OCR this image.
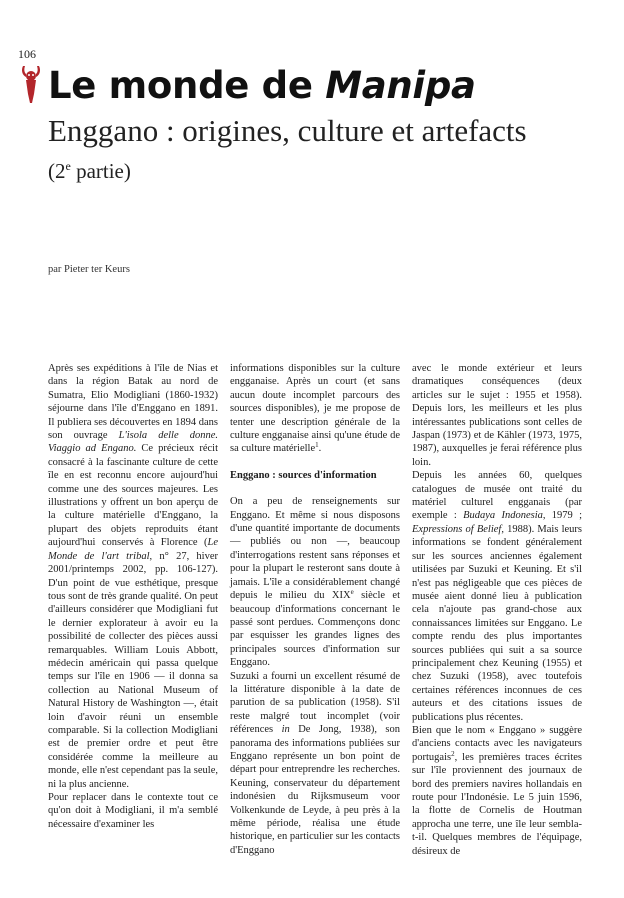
106
Le monde de Manipa
Enggano : origines, culture et artefacts
(2e partie)
par Pieter ter Keurs

Après ses expéditions à l'île de Nias et dans la région Batak au nord de Sumatra, Elio Modigliani (1860-1932) séjourne dans l'île d'Enggano en 1891. Il publiera ses découvertes en 1894 dans son ouvrage L'isola delle donne. Viaggio ad Engano. Ce précieux récit consacré à la fascinante culture de cette île en est reconnu encore aujourd'hui comme une des sources majeures. Les illustrations y offrent un bon aperçu de la culture matérielle d'Enggano, la plupart des objets reproduits étant aujourd'hui conservés à Florence (Le Monde de l'art tribal, n° 27, hiver 2001/printemps 2002, pp. 106-127). D'un point de vue esthétique, presque tous sont de très grande qualité. On peut d'ailleurs considérer que Modigliani fut le dernier explorateur à avoir eu la possibilité de collecter des pièces aussi remarquables. William Louis Abbott, médecin américain qui passa quelque temps sur l'île en 1906 — il donna sa collection au National Museum of Natural History de Washington —, était loin d'avoir réuni un ensemble comparable. Si la collection Modigliani est de premier ordre et peut être considérée comme la meilleure au monde, elle n'est cependant pas la seule, ni la plus ancienne.

Pour replacer dans le contexte tout ce qu'on doit à Modigliani, il m'a semblé nécessaire d'examiner les

informations disponibles sur la culture engganaise. Après un court (et sans aucun doute incomplet parcours des sources disponibles), je me propose de tenter une description générale de la culture engganaise ainsi qu'une étude de sa culture matérielle$^1$.

Enggano : sources d'information

On a peu de renseignements sur Enggano. Et même si nous disposons d'une quantité importante de documents — publiés ou non —, beaucoup d'interrogations restent sans réponses et pour la plupart le resteront sans doute à jamais. L'île a considérablement changé depuis le milieu du XIXe siècle et beaucoup d'informations concernant le passé sont perdues. Commençons donc par esquisser les grandes lignes des principales sources d'information sur Enggano.

Suzuki a fourni un excellent résumé de la littérature disponible à la date de parution de sa publication (1958). S'il reste malgré tout incomplet (voir références in De Jong, 1938), son panorama des informations publiées sur Enggano représente un bon point de départ pour entreprendre les recherches. Keuning, conservateur du département indonésien du Rijksmuseum voor Volkenkunde de Leyde, à peu près à la même période, réalisa une étude historique, en particulier sur les contacts d'Enggano

avec le monde extérieur et leurs dramatiques conséquences (deux articles sur le sujet : 1955 et 1958). Depuis lors, les meilleurs et les plus intéressantes publications sont celles de Jaspan (1973) et de Kähler (1973, 1975, 1987), auxquelles je ferai référence plus loin.

Depuis les années 60, quelques catalogues de musée ont traité du matériel culturel engganais (par exemple : Budaya Indonesia, 1979 ; Expressions of Belief, 1988). Mais leurs informations se fondent généralement sur les sources anciennes également utilisées par Suzuki et Keuning. Et s'il n'est pas négligeable que ces pièces de musée aient donné lieu à publication cela n'ajoute pas grand-chose aux connaissances limitées sur Enggano. Le compte rendu des plus importantes sources publiées qui suit a sa source principalement chez Keuning (1955) et chez Suzuki (1958), avec toutefois certaines références inconnues de ces auteurs et des citations issues de publications plus récentes.

Bien que le nom « Enggano » suggère d'anciens contacts avec les navigateurs portugais$^2$, les premières traces écrites sur l'île proviennent des journaux de bord des premiers navires hollandais en route pour l'Indonésie. Le 5 juin 1596, la flotte de Cornelis de Houtman approcha une terre, une île leur sembla-t-il. Quelques membres de l'équipage, désireux de
